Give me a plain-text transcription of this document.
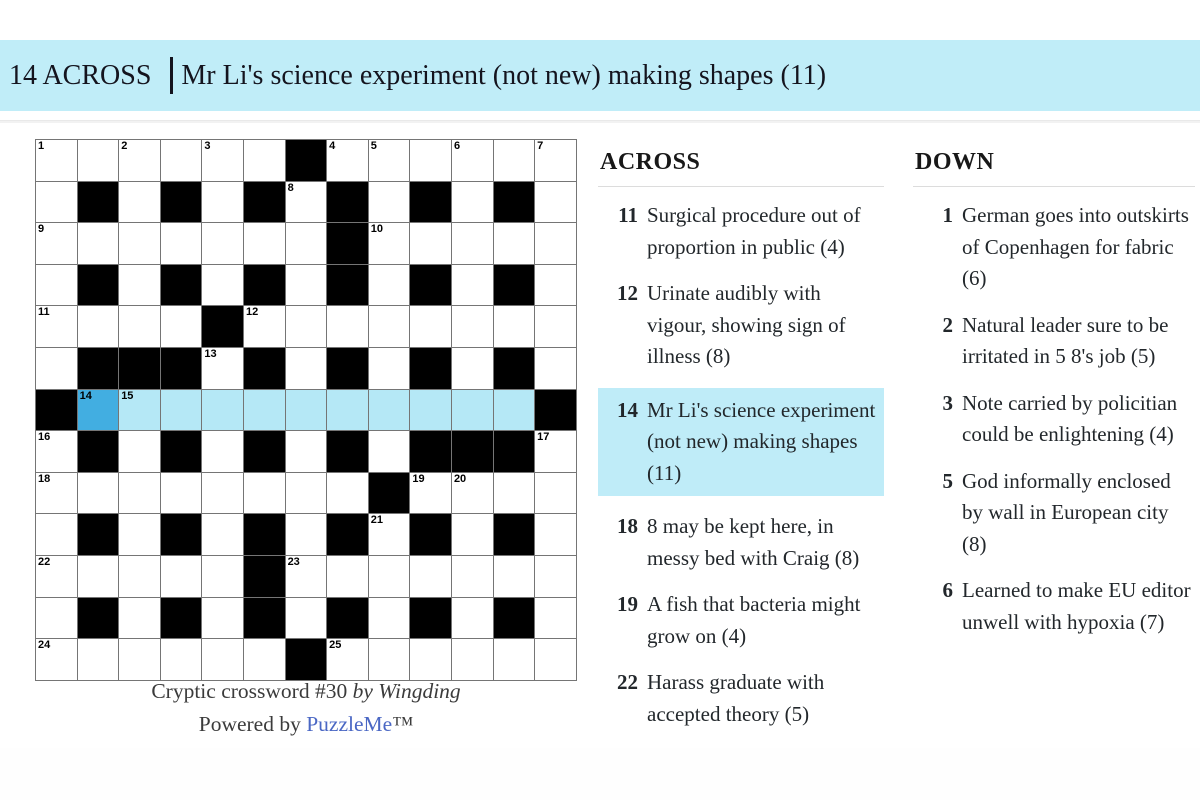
14 ACROSS Mr Li's science experiment (not new) making shapes (11)
1	2	3	4	5	6	7
8
9	10
11	12
13
14	15
16	17
18	19	20
21
22	23
24	25
Cryptic crossword #30 by Wingding
Powered by PuzzleMe™
ACROSS
11 Surgical procedure out of proportion in public (4)
12 Urinate audibly with vigour, showing sign of illness (8)
14 Mr Li's science experiment (not new) making shapes (11)
18 8 may be kept here, in messy bed with Craig (8)
19 A fish that bacteria might grow on (4)
22 Harass graduate with accepted theory (5)
DOWN
1 German goes into outskirts of Copenhagen for fabric (6)
2 Natural leader sure to be irritated in 5 8's job (5)
3 Note carried by policitian could be enlightening (4)
5 God informally enclosed by wall in European city (8)
6 Learned to make EU editor unwell with hypoxia (7)
